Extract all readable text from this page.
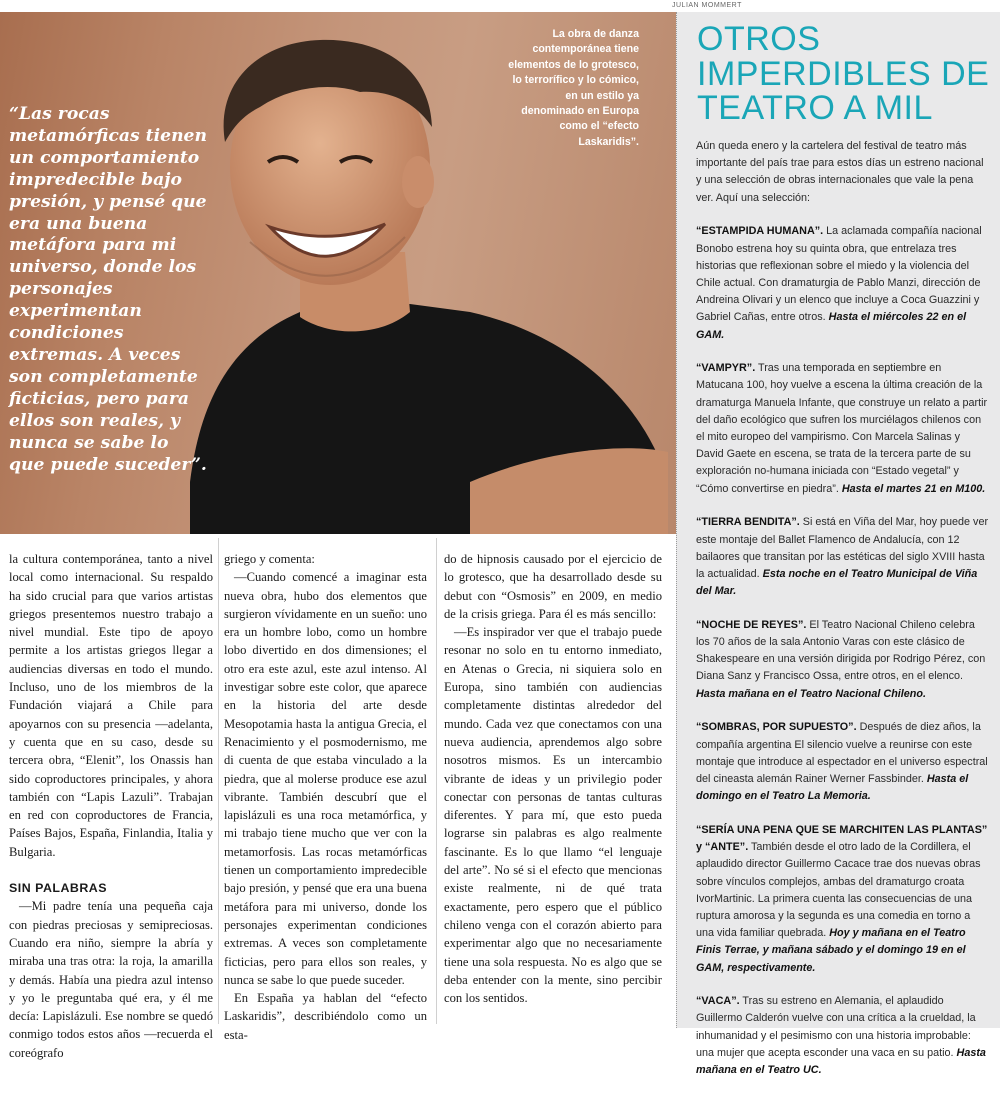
JULIAN MOMMERT
“Las rocas metamórficas tienen un comportamiento impredecible bajo presión, y pensé que era una buena metáfora para mi universo, donde los personajes experimentan condiciones extremas. A veces son completamente ficticias, pero para ellos son reales, y nunca se sabe lo que puede suceder”.
La obra de danza contemporánea tiene elementos de lo grotesco, lo terrorífico y lo cómico, en un estilo ya denominado en Europa como el “efecto Laskaridis”.

la cultura contemporánea, tanto a nivel local como internacional. Su respaldo ha sido crucial para que varios artistas griegos presentemos nuestro trabajo a nivel mundial. Este tipo de apoyo permite a los artistas griegos llegar a audiencias diversas en todo el mundo. Incluso, uno de los miembros de la Fundación viajará a Chile para apoyarnos con su presencia —adelanta, y cuenta que en su caso, desde su tercera obra, “Elenit”, los Onassis han sido coproductores principales, y ahora también con “Lapis Lazuli”. Trabajan en red con coproductores de Francia, Países Bajos, España, Finlandia, Italia y Bulgaria.

SIN PALABRAS

—Mi padre tenía una pequeña caja con piedras preciosas y semipreciosas. Cuando era niño, siempre la abría y miraba una tras otra: la roja, la amarilla y demás. Había una piedra azul intenso y yo le preguntaba qué era, y él me decía: Lapislázuli. Ese nombre se quedó conmigo todos estos años —recuerda el coreógrafo

griego y comenta:

—Cuando comencé a imaginar esta nueva obra, hubo dos elementos que surgieron vívidamente en un sueño: uno era un hombre lobo, como un hombre lobo divertido en dos dimensiones; el otro era este azul, este azul intenso. Al investigar sobre este color, que aparece en la historia del arte desde Mesopotamia hasta la antigua Grecia, el Renacimiento y el posmodernismo, me di cuenta de que estaba vinculado a la piedra, que al molerse produce ese azul vibrante. También descubrí que el lapislázuli es una roca metamórfica, y mi trabajo tiene mucho que ver con la metamorfosis. Las rocas metamórficas tienen un comportamiento impredecible bajo presión, y pensé que era una buena metáfora para mi universo, donde los personajes experimentan condiciones extremas. A veces son completamente ficticias, pero para ellos son reales, y nunca se sabe lo que puede suceder.

En España ya hablan del “efecto Laskaridis”, describiéndolo como un esta-

do de hipnosis causado por el ejercicio de lo grotesco, que ha desarrollado desde su debut con “Osmosis” en 2009, en medio de la crisis griega. Para él es más sencillo:

—Es inspirador ver que el trabajo puede resonar no solo en tu entorno inmediato, en Atenas o Grecia, ni siquiera solo en Europa, sino también con audiencias completamente distintas alrededor del mundo. Cada vez que conectamos con una nueva audiencia, aprendemos algo sobre nosotros mismos. Es un intercambio vibrante de ideas y un privilegio poder conectar con personas de tantas culturas diferentes. Y para mí, que esto pueda lograrse sin palabras es algo realmente fascinante. Es lo que llamo “el lenguaje del arte”. No sé si el efecto que mencionas existe realmente, ni de qué trata exactamente, pero espero que el público chileno venga con el corazón abierto para experimentar algo que no necesariamente tiene una sola respuesta. No es algo que se deba entender con la mente, sino percibir con los sentidos.

OTROS IMPERDIBLES DE TEATRO A MIL

Aún queda enero y la cartelera del festival de teatro más importante del país trae para estos días un estreno nacional y una selección de obras internacionales que vale la pena ver. Aquí una selección:

“ESTAMPIDA HUMANA”. La aclamada compañía nacional Bonobo estrena hoy su quinta obra, que entrelaza tres historias que reflexionan sobre el miedo y la violencia del Chile actual. Con dramaturgia de Pablo Manzi, dirección de Andreina Olivari y un elenco que incluye a Coca Guazzini y Gabriel Cañas, entre otros. Hasta el miércoles 22 en el GAM.

“VAMPYR”. Tras una temporada en septiembre en Matucana 100, hoy vuelve a escena la última creación de la dramaturga Manuela Infante, que construye un relato a partir del daño ecológico que sufren los murciélagos chilenos con el mito europeo del vampirismo. Con Marcela Salinas y David Gaete en escena, se trata de la tercera parte de su exploración no-humana iniciada con “Estado vegetal” y “Cómo convertirse en piedra”. Hasta el martes 21 en M100.

“TIERRA BENDITA”. Si está en Viña del Mar, hoy puede ver este montaje del Ballet Flamenco de Andalucía, con 12 bailaores que transitan por las estéticas del siglo XVIII hasta la actualidad. Esta noche en el Teatro Municipal de Viña del Mar.

“NOCHE DE REYES”. El Teatro Nacional Chileno celebra los 70 años de la sala Antonio Varas con este clásico de Shakespeare en una versión dirigida por Rodrigo Pérez, con Diana Sanz y Francisco Ossa, entre otros, en el elenco. Hasta mañana en el Teatro Nacional Chileno.

“SOMBRAS, POR SUPUESTO”. Después de diez años, la compañía argentina El silencio vuelve a reunirse con este montaje que introduce al espectador en el universo espectral del cineasta alemán Rainer Werner Fassbinder. Hasta el domingo en el Teatro La Memoria.

“SERÍA UNA PENA QUE SE MARCHITEN LAS PLANTAS” y “ANTE”. También desde el otro lado de la Cordillera, el aplaudido director Guillermo Cacace trae dos nuevas obras sobre vínculos complejos, ambas del dramaturgo croata IvorMartinic. La primera cuenta las consecuencias de una ruptura amorosa y la segunda es una comedia en torno a una vida familiar quebrada. Hoy y mañana en el Teatro Finis Terrae, y mañana sábado y el domingo 19 en el GAM, respectivamente.

“VACA”. Tras su estreno en Alemania, el aplaudido Guillermo Calderón vuelve con una crítica a la crueldad, la inhumanidad y el pesimismo con una historia improbable: una mujer que acepta esconder una vaca en su patio. Hasta mañana en el Teatro UC.
